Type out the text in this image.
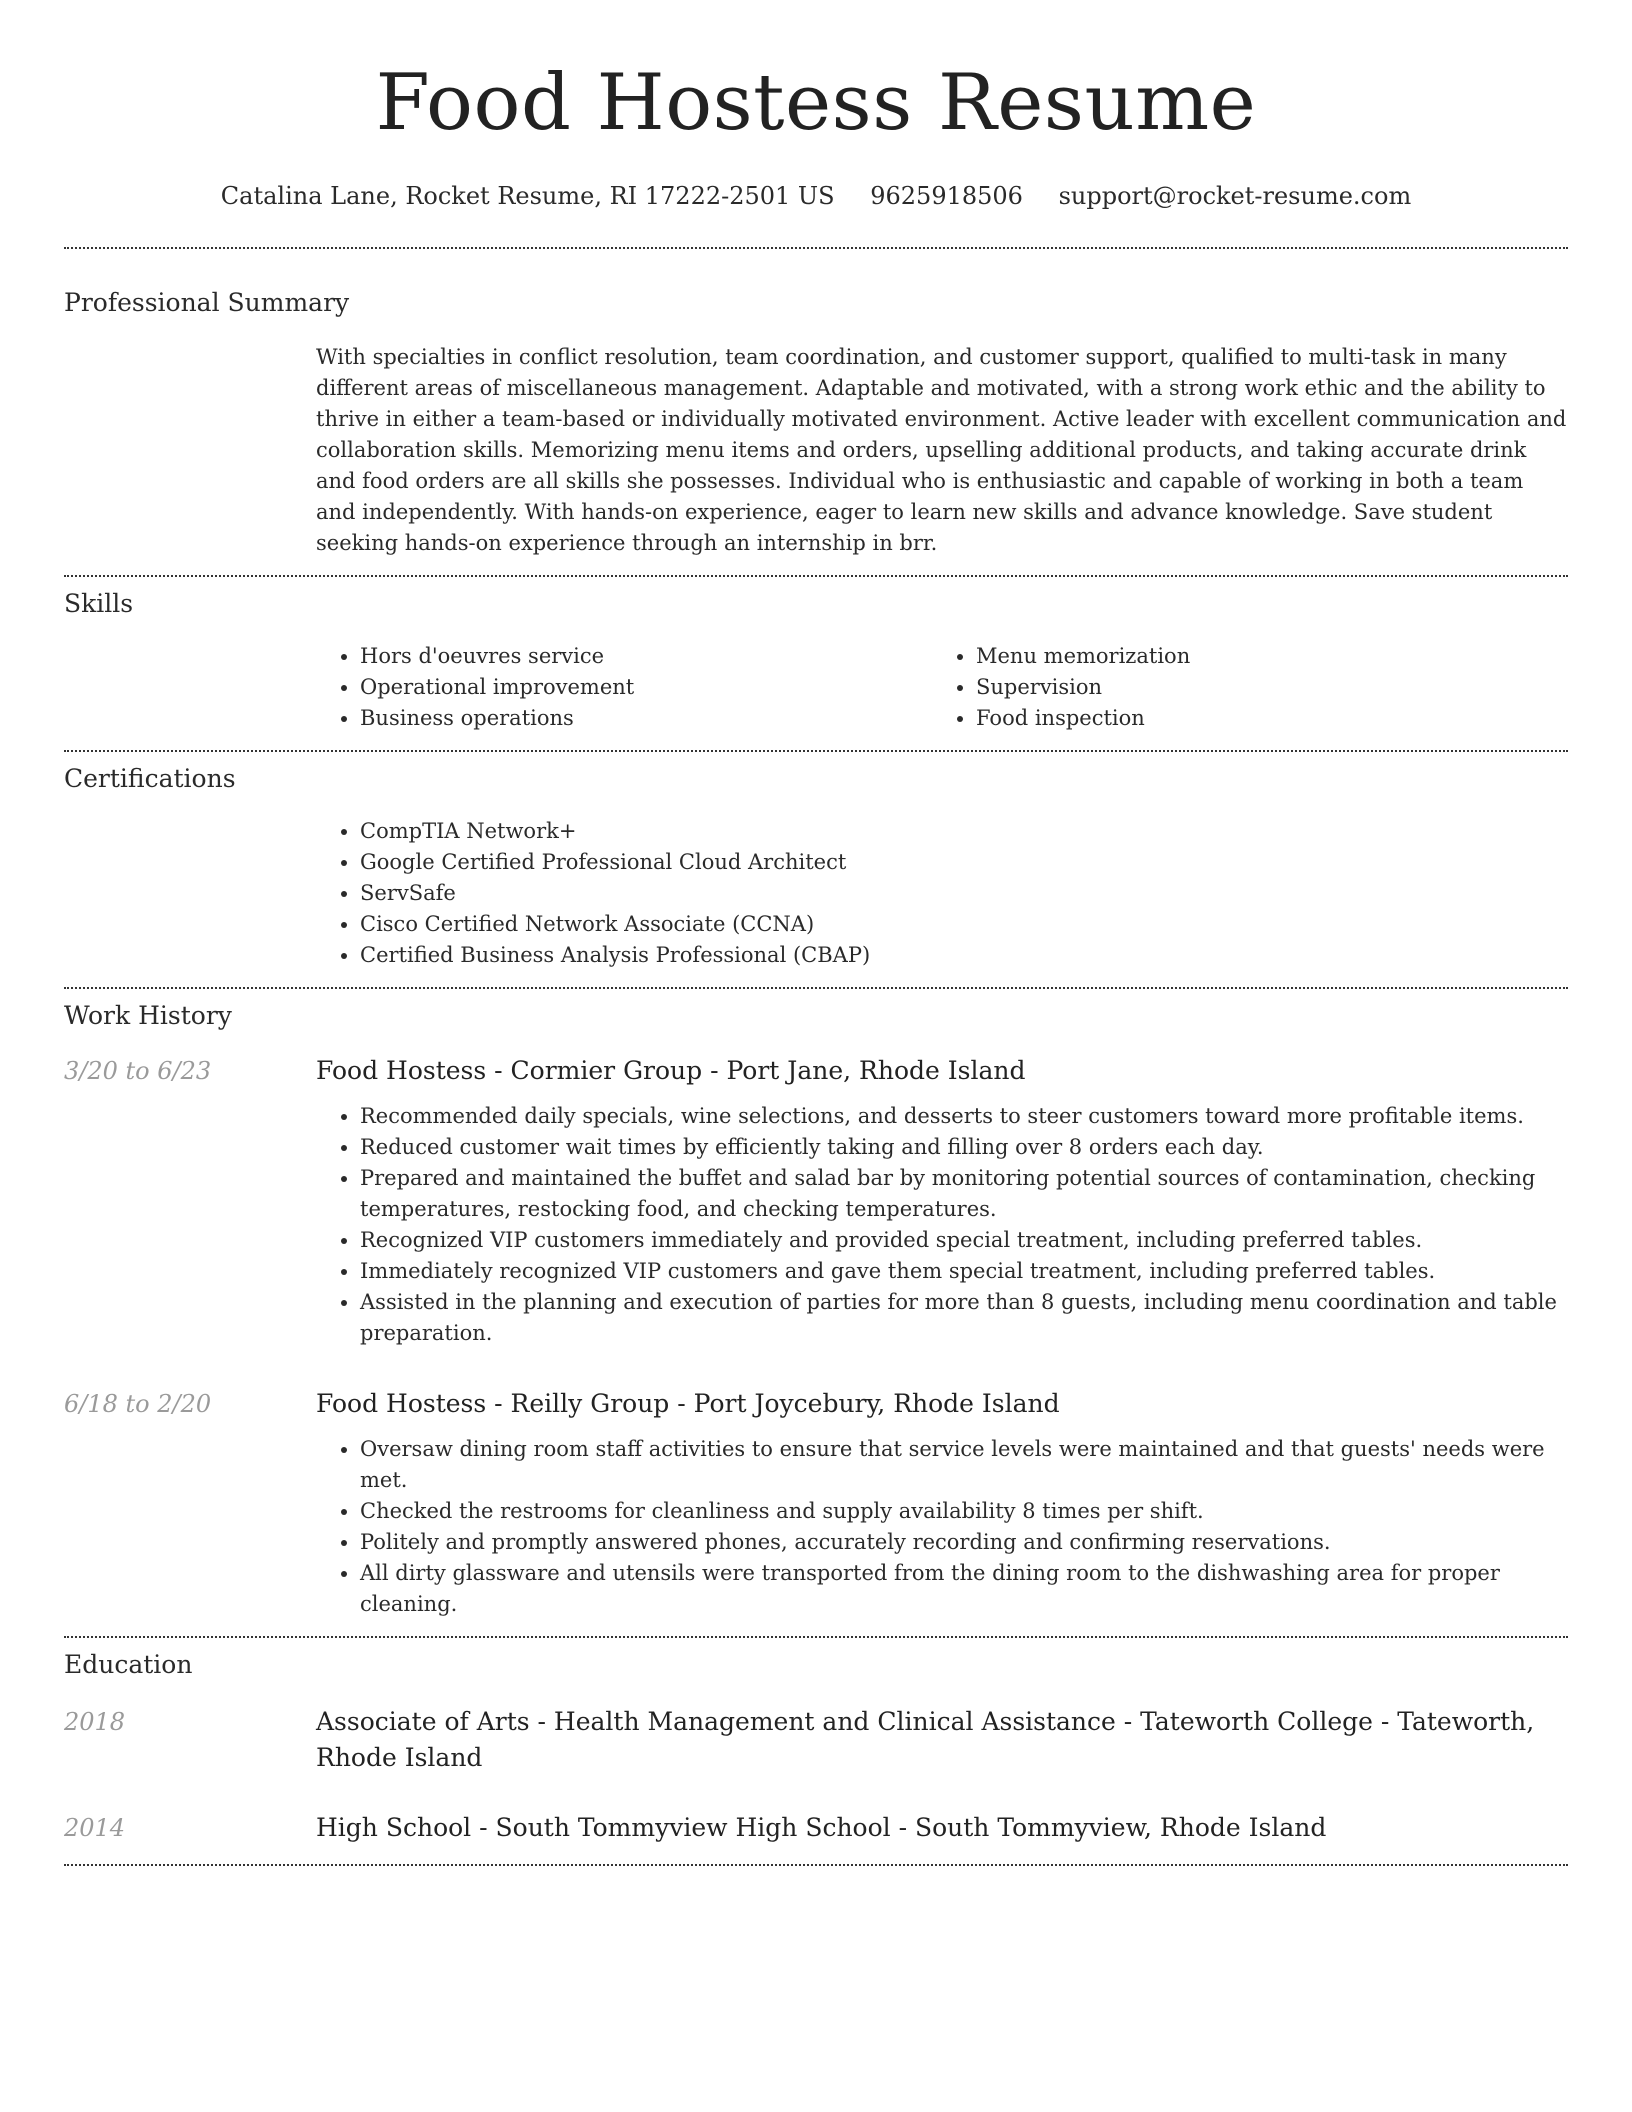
Food Hostess Resume
Catalina Lane, Rocket Resume, RI 17222-2501 US 9625918506 support@rocket-resume.com
Professional Summary

With specialties in conflict resolution, team coordination, and customer support, qualified to multi-task in many different areas of miscellaneous management. Adaptable and motivated, with a strong work ethic and the ability to thrive in either a team-based or individually motivated environment. Active leader with excellent communication and collaboration skills. Memorizing menu items and orders, upselling additional products, and taking accurate drink and food orders are all skills she possesses. Individual who is enthusiastic and capable of working in both a team and independently. With hands-on experience, eager to learn new skills and advance knowledge. Save student seeking hands-on experience through an internship in brr.

Skills
• Hors d'oeuvres service
• Operational improvement
• Business operations
• Menu memorization
• Supervision
• Food inspection
Certifications
• CompTIA Network+
• Google Certified Professional Cloud Architect
• ServSafe
• Cisco Certified Network Associate (CCNA)
• Certified Business Analysis Professional (CBAP)
Work History
3/20 to 6/23	Food Hostess - Cormier Group - Port Jane, Rhode Island
• Recommended daily specials, wine selections, and desserts to steer customers toward more profitable items.
• Reduced customer wait times by efficiently taking and filling over 8 orders each day.
• Prepared and maintained the buffet and salad bar by monitoring potential sources of contamination, checking temperatures, restocking food, and checking temperatures.
• Recognized VIP customers immediately and provided special treatment, including preferred tables.
• Immediately recognized VIP customers and gave them special treatment, including preferred tables.
• Assisted in the planning and execution of parties for more than 8 guests, including menu coordination and table preparation.
6/18 to 2/20	Food Hostess - Reilly Group - Port Joycebury, Rhode Island
• Oversaw dining room staff activities to ensure that service levels were maintained and that guests' needs were met.
• Checked the restrooms for cleanliness and supply availability 8 times per shift.
• Politely and promptly answered phones, accurately recording and confirming reservations.
• All dirty glassware and utensils were transported from the dining room to the dishwashing area for proper cleaning.
Education
2018	Associate of Arts - Health Management and Clinical Assistance - Tateworth College - Tateworth, Rhode Island
2014	High School - South Tommyview High School - South Tommyview, Rhode Island
